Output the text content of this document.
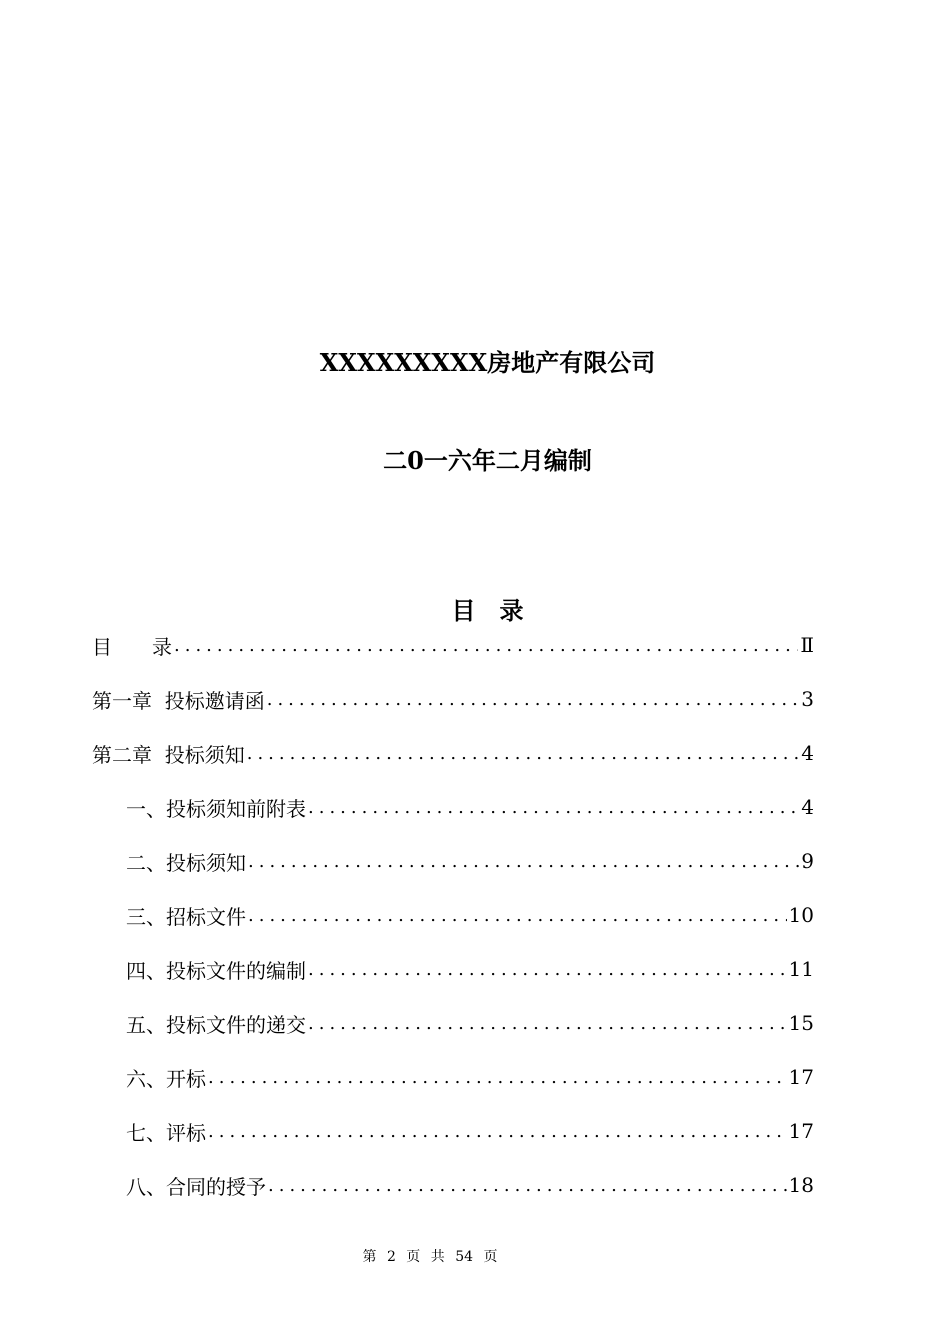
XXXXXXXXX房地产有限公司
二0一六年二月编制
目　录
目　　录 .....	Ⅱ
第一章  投标邀请函 .....	3
第二章  投标须知 .....	4
一、投标须知前附表 .....	4
二、投标须知 .....	9
三、招标文件 .....	10
四、投标文件的编制 .....	11
五、投标文件的递交 .....	15
六、开标 .....	17
七、评标 .....	17
八、合同的授予 .....	18
第 2 页 共 54 页
